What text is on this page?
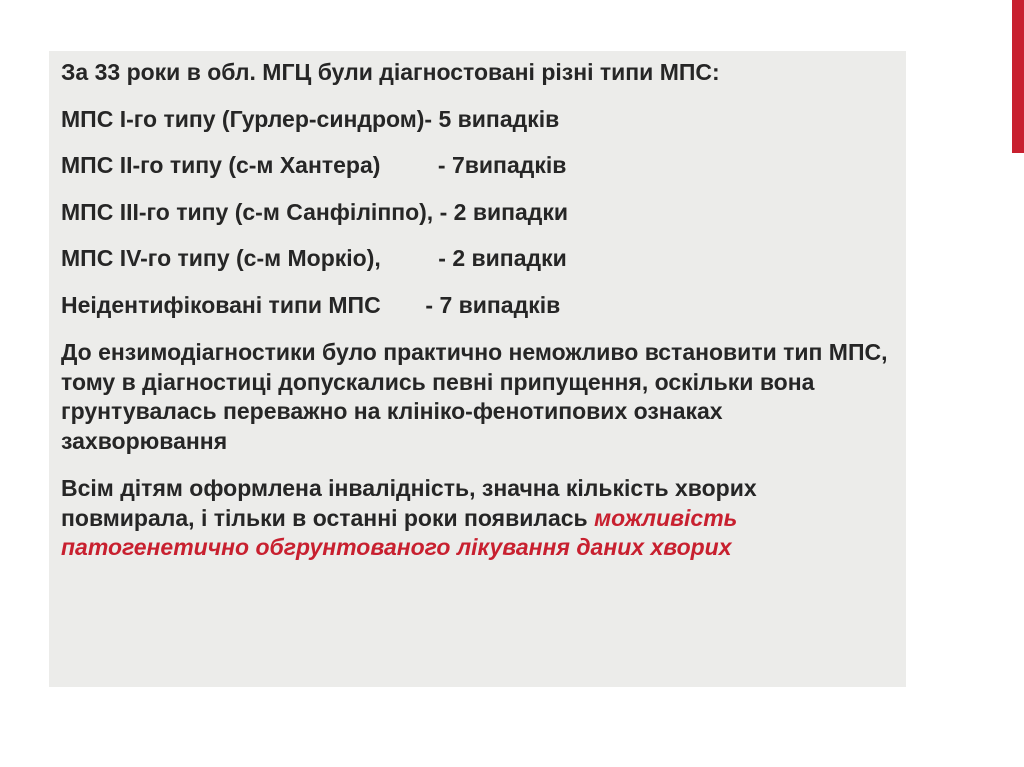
За 33 роки в обл. МГЦ були діагностовані різні типи МПС:

МПС І-го типу (Гурлер-синдром)- 5 випадків

МПС ІІ-го типу (с-м Хантера)         - 7випадків

МПС ІІІ-го типу (с-м Санфіліппо), - 2 випадки

МПС IV-го типу (с-м Моркіо),         - 2 випадки

Неідентифіковані типи МПС       - 7 випадків

До ензимодіагностики було практично неможливо встановити тип МПС, тому в діагностиці допускались певні припущення, оскільки вона грунтувалась переважно на клініко-фенотипових ознаках захворювання

Всім дітям оформлена інвалідність, значна кількість хворих повмирала, і тільки в останні роки появилась можливість патогенетично обгрунтованого лікування даних хворих
